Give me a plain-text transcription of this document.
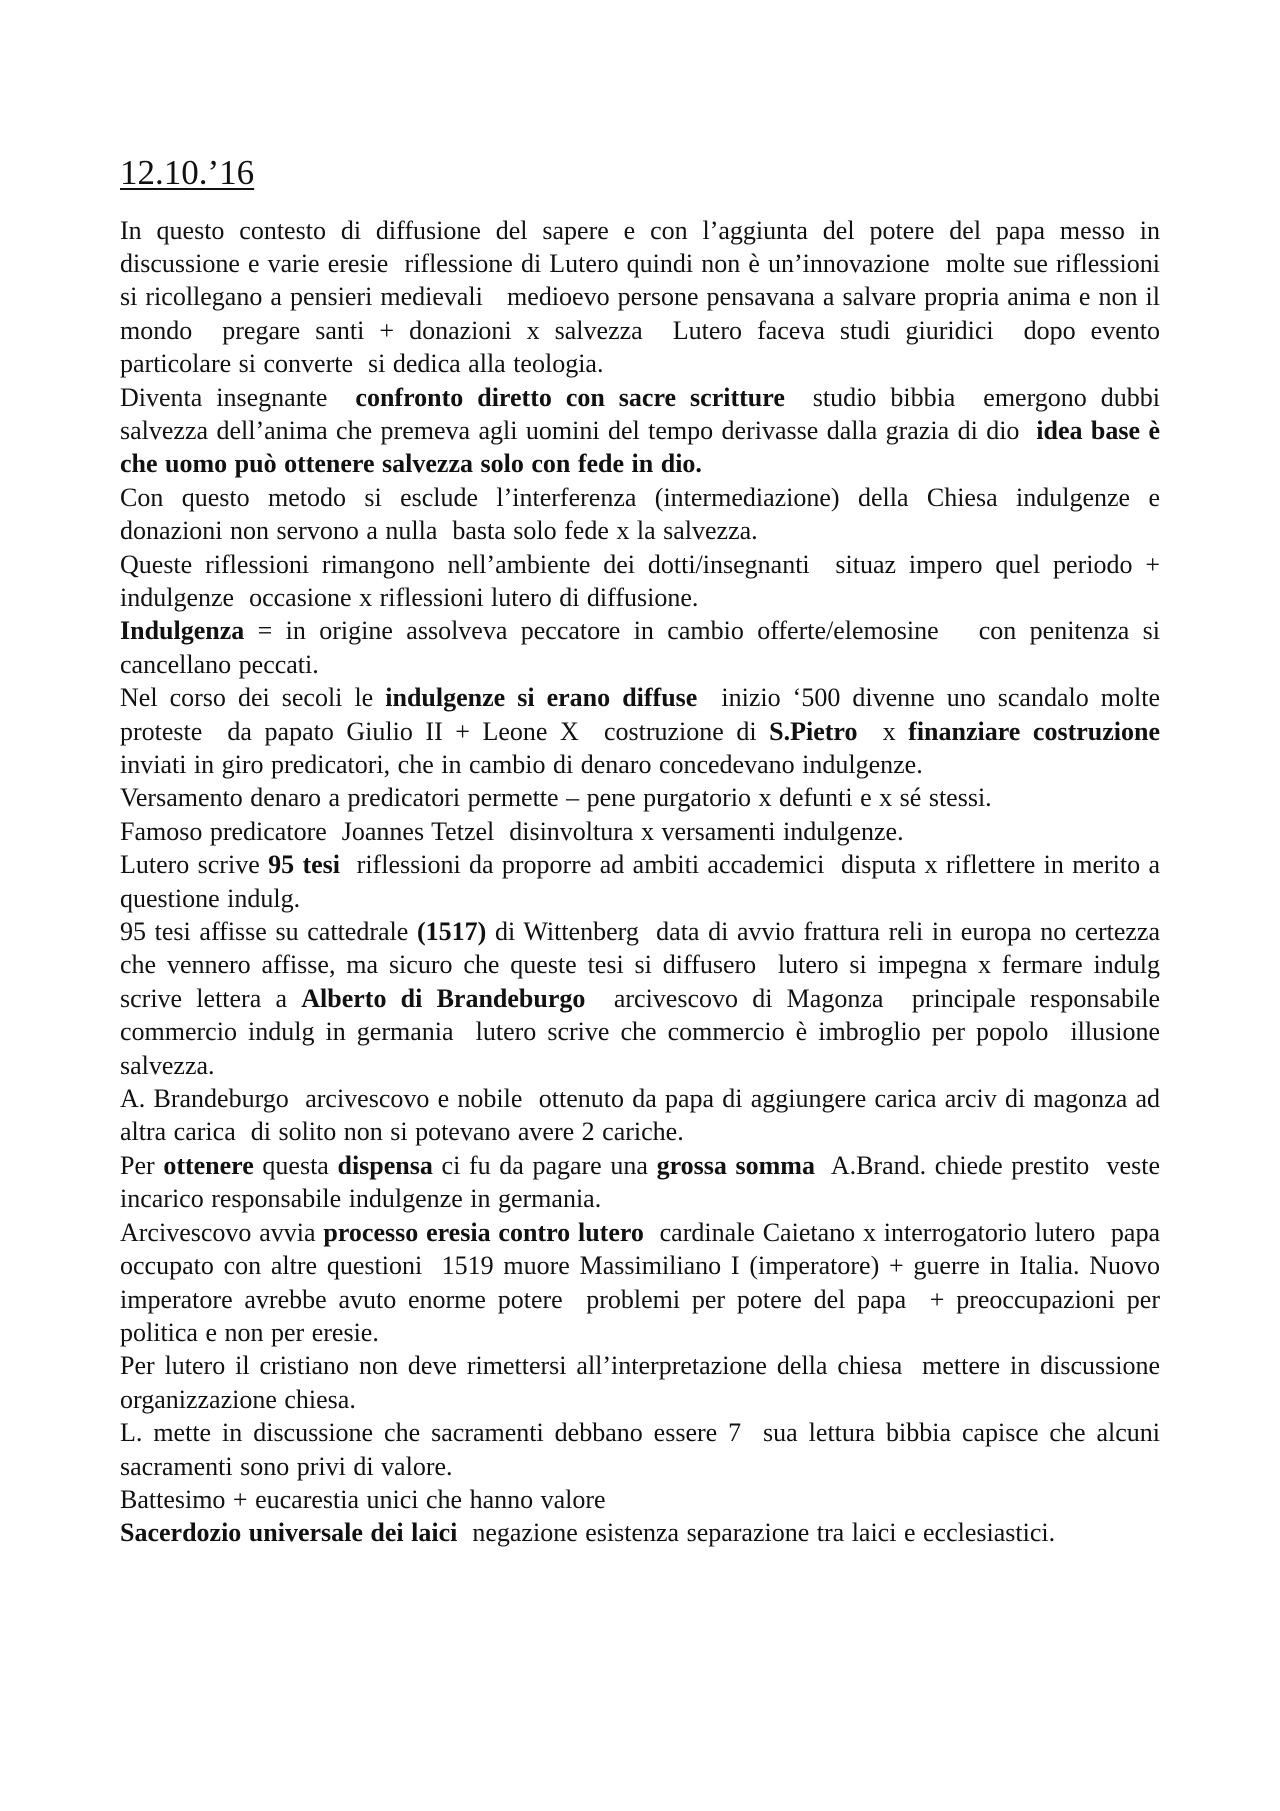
12.10.’16

In questo contesto di diffusione del sapere e con l’aggiunta del potere del papa messo in discussione e varie eresie  riflessione di Lutero quindi non è un’innovazione  molte sue riflessioni si ricollegano a pensieri medievali   medioevo persone pensavana a salvare propria anima e non il mondo  pregare santi + donazioni x salvezza  Lutero faceva studi giuridici  dopo evento particolare si converte  si dedica alla teologia.

Diventa insegnante  confronto diretto con sacre scritture  studio bibbia  emergono dubbi  salvezza dell’anima che premeva agli uomini del tempo derivasse dalla grazia di dio  idea base è che uomo può ottenere salvezza solo con fede in dio.

Con questo metodo si esclude l’interferenza (intermediazione) della Chiesa indulgenze e donazioni non servono a nulla  basta solo fede x la salvezza.

Queste riflessioni rimangono nell’ambiente dei dotti/insegnanti  situaz impero quel periodo + indulgenze  occasione x riflessioni lutero di diffusione.

Indulgenza = in origine assolveva peccatore in cambio offerte/elemosine   con penitenza si cancellano peccati.

Nel corso dei secoli le indulgenze si erano diffuse  inizio ‘500 divenne uno scandalo molte proteste  da papato Giulio II + Leone X  costruzione di S.Pietro  x finanziare costruzione  inviati in giro predicatori, che in cambio di denaro concedevano indulgenze.

Versamento denaro a predicatori permette – pene purgatorio x defunti e x sé stessi.

Famoso predicatore  Joannes Tetzel  disinvoltura x versamenti indulgenze.

Lutero scrive 95 tesi  riflessioni da proporre ad ambiti accademici  disputa x riflettere in merito a questione indulg.

95 tesi affisse su cattedrale (1517) di Wittenberg  data di avvio frattura reli in europa no certezza che vennero affisse, ma sicuro che queste tesi si diffusero  lutero si impegna x fermare indulg  scrive lettera a Alberto di Brandeburgo  arcivescovo di Magonza  principale responsabile commercio indulg in germania  lutero scrive che commercio è imbroglio per popolo  illusione salvezza.

A. Brandeburgo  arcivescovo e nobile  ottenuto da papa di aggiungere carica arciv di magonza ad altra carica  di solito non si potevano avere 2 cariche.

Per ottenere questa dispensa ci fu da pagare una grossa somma  A.Brand. chiede prestito  veste incarico responsabile indulgenze in germania.

Arcivescovo avvia processo eresia contro lutero  cardinale Caietano x interrogatorio lutero  papa occupato con altre questioni  1519 muore Massimiliano I (imperatore) + guerre in Italia. Nuovo imperatore avrebbe avuto enorme potere  problemi per potere del papa  + preoccupazioni per politica e non per eresie.

Per lutero il cristiano non deve rimettersi all’interpretazione della chiesa  mettere in discussione organizzazione chiesa.

L. mette in discussione che sacramenti debbano essere 7  sua lettura bibbia capisce che alcuni sacramenti sono privi di valore.

Battesimo + eucarestia unici che hanno valore

Sacerdozio universale dei laici  negazione esistenza separazione tra laici e ecclesiastici.
